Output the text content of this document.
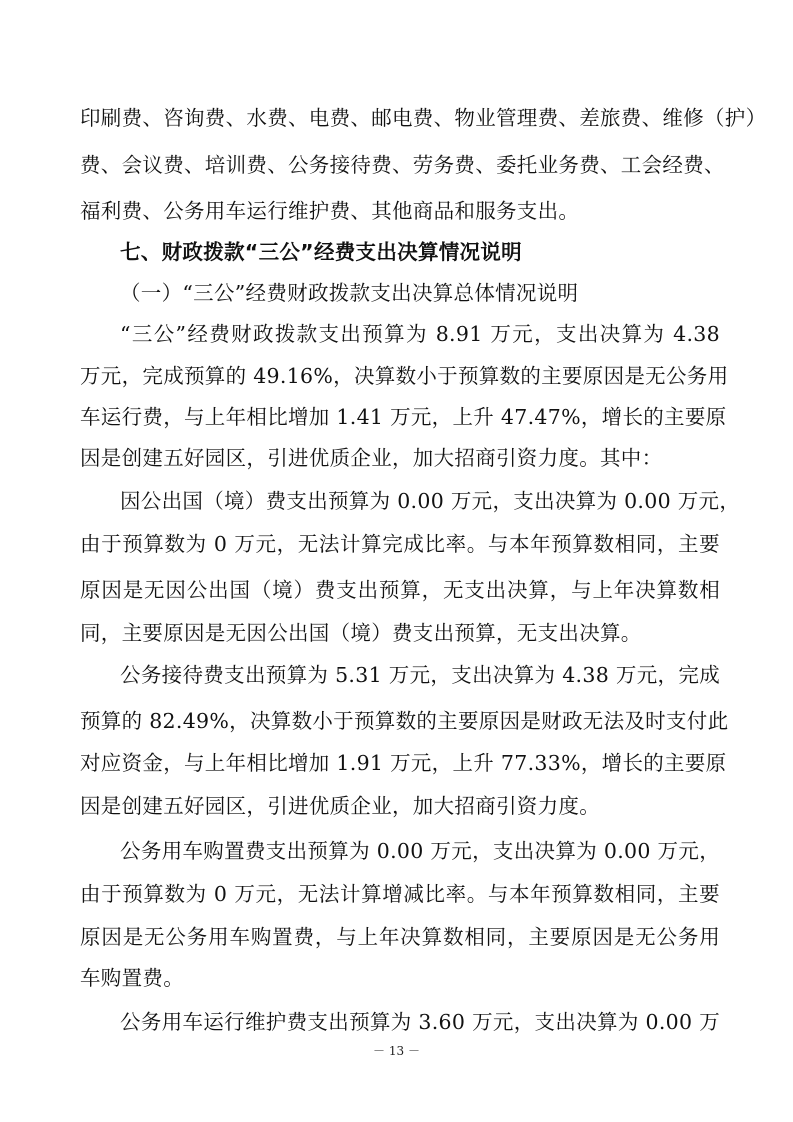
印刷费、咨询费、水费、电费、邮电费、物业管理费、差旅费、维修（护）
费、会议费、培训费、公务接待费、劳务费、委托业务费、工会经费、
福利费、公务用车运行维护费、其他商品和服务支出。
七、财政拨款“三公”经费支出决算情况说明
（一）“三公”经费财政拨款支出决算总体情况说明
“三公”经费财政拨款支出预算为 8.91 万元，支出决算为 4.38
万元，完成预算的 49.16%，决算数小于预算数的主要原因是无公务用
车运行费，与上年相比增加 1.41 万元，上升 47.47%，增长的主要原
因是创建五好园区，引进优质企业，加大招商引资力度。其中：
因公出国（境）费支出预算为 0.00 万元，支出决算为 0.00 万元，
由于预算数为 0 万元，无法计算完成比率。与本年预算数相同，主要
原因是无因公出国（境）费支出预算，无支出决算，与上年决算数相
同，主要原因是无因公出国（境）费支出预算，无支出决算。
公务接待费支出预算为 5.31 万元，支出决算为 4.38 万元，完成
预算的 82.49%，决算数小于预算数的主要原因是财政无法及时支付此
对应资金，与上年相比增加 1.91 万元，上升 77.33%，增长的主要原
因是创建五好园区，引进优质企业，加大招商引资力度。
公务用车购置费支出预算为 0.00 万元，支出决算为 0.00 万元，
由于预算数为 0 万元，无法计算增减比率。与本年预算数相同，主要
原因是无公务用车购置费，与上年决算数相同，主要原因是无公务用
车购置费。
公务用车运行维护费支出预算为 3.60 万元，支出决算为 0.00 万
－ 13 －
